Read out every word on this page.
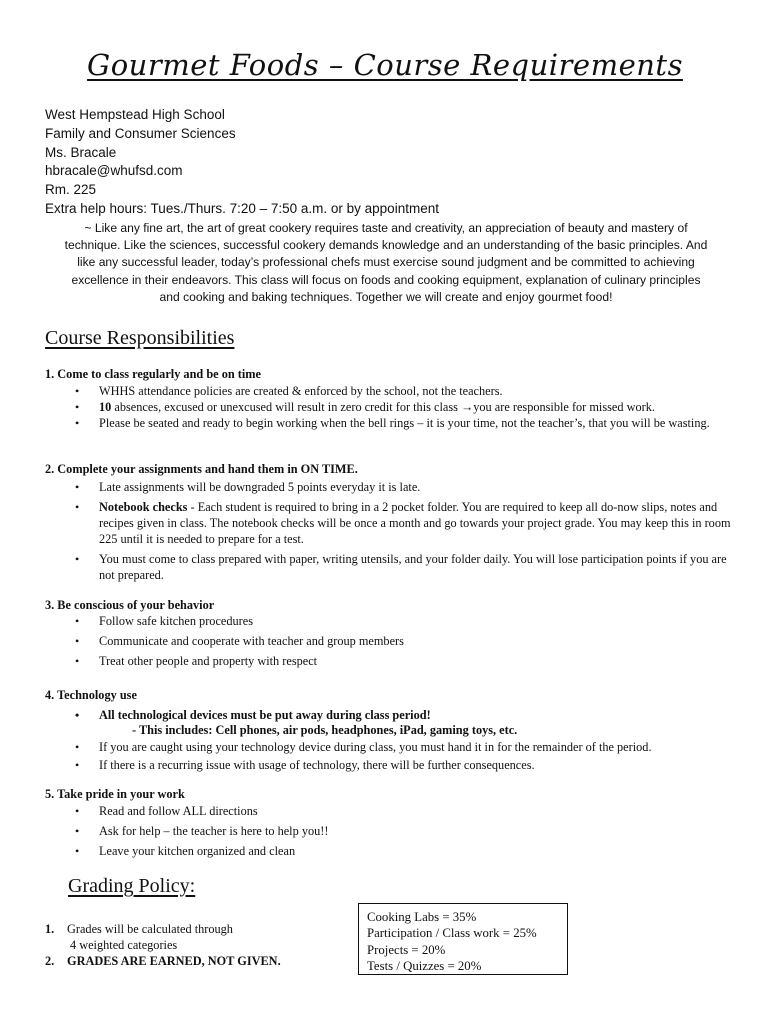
Gourmet Foods – Course Requirements
West Hempstead High School
Family and Consumer Sciences
Ms. Bracale
hbracale@whufsd.com
Rm. 225
Extra help hours: Tues./Thurs. 7:20 – 7:50 a.m. or by appointment
~ Like any fine art, the art of great cookery requires taste and creativity, an appreciation of beauty and mastery of
technique. Like the sciences, successful cookery demands knowledge and an understanding of the basic principles. And
like any successful leader, today’s professional chefs must exercise sound judgment and be committed to achieving
excellence in their endeavors. This class will focus on foods and cooking equipment, explanation of culinary principles
and cooking and baking techniques. Together we will create and enjoy gourmet food!
Course Responsibilities
1. Come to class regularly and be on time
• WHHS attendance policies are created & enforced by the school, not the teachers.
• 10 absences, excused or unexcused will result in zero credit for this class →you are responsible for missed work.
• Please be seated and ready to begin working when the bell rings – it is your time, not the teacher’s, that you will be wasting.
2. Complete your assignments and hand them in ON TIME.
• Late assignments will be downgraded 5 points everyday it is late.
• Notebook checks - Each student is required to bring in a 2 pocket folder. You are required to keep all do-now slips, notes and recipes given in class. The notebook checks will be once a month and go towards your project grade. You may keep this in room 225 until it is needed to prepare for a test.
• You must come to class prepared with paper, writing utensils, and your folder daily. You will lose participation points if you are not prepared.
3. Be conscious of your behavior
• Follow safe kitchen procedures
• Communicate and cooperate with teacher and group members
• Treat other people and property with respect
4. Technology use
• All technological devices must be put away during class period!
- This includes: Cell phones, air pods, headphones, iPad, gaming toys, etc.
• If you are caught using your technology device during class, you must hand it in for the remainder of the period.
• If there is a recurring issue with usage of technology, there will be further consequences.
5. Take pride in your work
• Read and follow ALL directions
• Ask for help – the teacher is here to help you!!
• Leave your kitchen organized and clean
Grading Policy:
1. Grades will be calculated through
4 weighted categories
2. GRADES ARE EARNED, NOT GIVEN.
Cooking Labs = 35%
Participation / Class work = 25%
Projects = 20%
Tests / Quizzes = 20%
